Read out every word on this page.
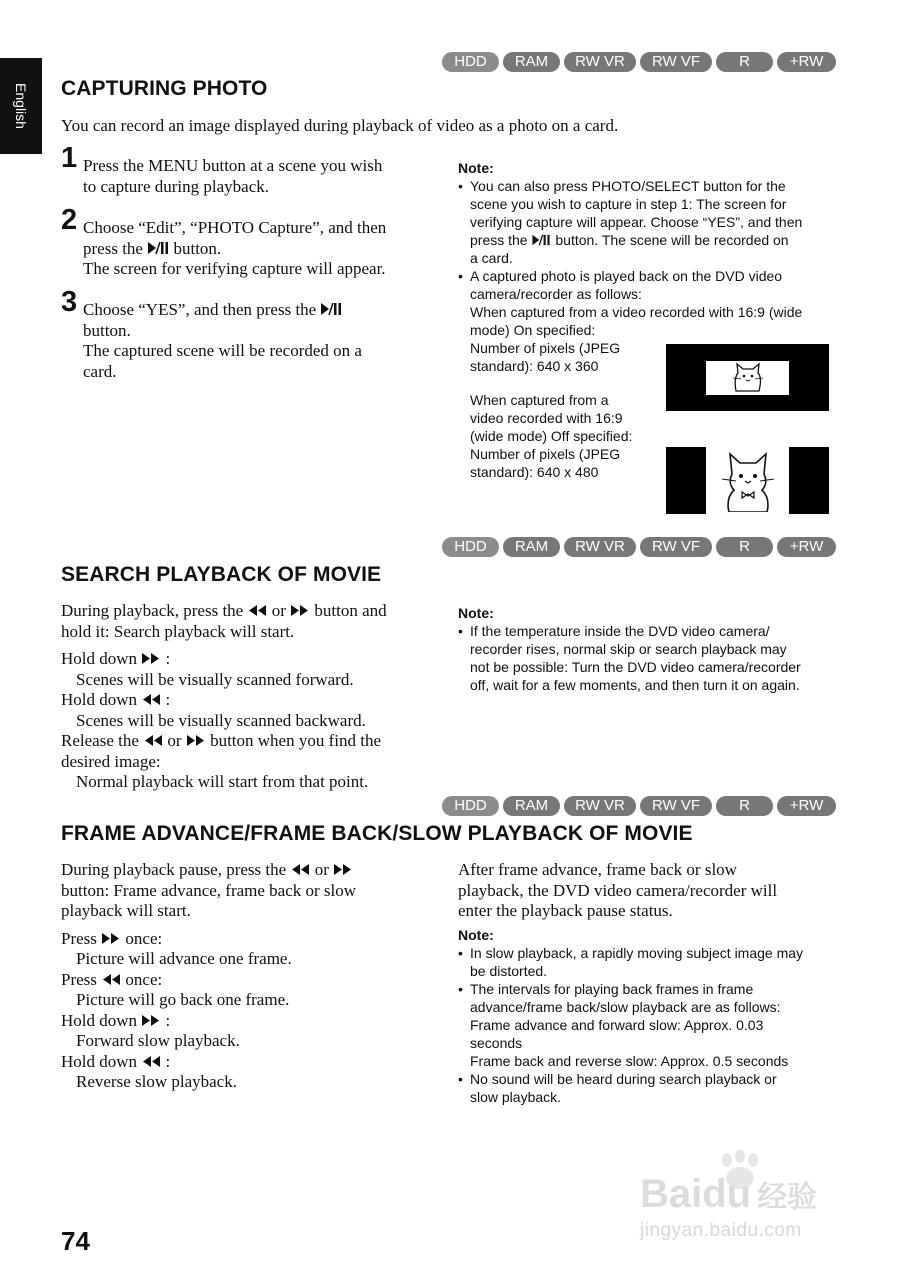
English
HDD	RAM	RW VR	RW VF	R	+RW
CAPTURING PHOTO
You can record an image displayed during playback of video as a photo on a card.
1 Press the MENU button at a scene you wish
to capture during playback.
2 Choose “Edit”, “PHOTO Capture”, and then
press the button.
The screen for verifying capture will appear.
3 Choose “YES”, and then press the
button.
The captured scene will be recorded on a
card.
Note:
• You can also press PHOTO/SELECT button for the
scene you wish to capture in step 1: The screen for
verifying capture will appear. Choose “YES”, and then
press the button. The scene will be recorded on
a card.
• A captured photo is played back on the DVD video
camera/recorder as follows:
When captured from a video recorded with 16:9 (wide
mode) On specified:
Number of pixels (JPEG
standard): 640 x 360
When captured from a
video recorded with 16:9
(wide mode) Off specified:
Number of pixels (JPEG
standard): 640 x 480
HDD	RAM	RW VR	RW VF	R	+RW
SEARCH PLAYBACK OF MOVIE
During playback, press the or button and
hold it: Search playback will start.
Hold down  :
Scenes will be visually scanned forward.
Hold down  :
Scenes will be visually scanned backward.
Release the or button when you find the
desired image:
Normal playback will start from that point.
Note:
• If the temperature inside the DVD video camera/
recorder rises, normal skip or search playback may
not be possible: Turn the DVD video camera/recorder
off, wait for a few moments, and then turn it on again.
HDD	RAM	RW VR	RW VF	R	+RW
FRAME ADVANCE/FRAME BACK/SLOW PLAYBACK OF MOVIE
During playback pause, press the or
button: Frame advance, frame back or slow
playback will start.
Press once:
Picture will advance one frame.
Press once:
Picture will go back one frame.
Hold down  :
Forward slow playback.
Hold down  :
Reverse slow playback.
After frame advance, frame back or slow
playback, the DVD video camera/recorder will
enter the playback pause status.
Note:
• In slow playback, a rapidly moving subject image may
be distorted.
• The intervals for playing back frames in frame
advance/frame back/slow playback are as follows:
Frame advance and forward slow: Approx. 0.03
seconds
Frame back and reverse slow: Approx. 0.5 seconds
• No sound will be heard during search playback or
slow playback.
74
Baidu 经验
jingyan.baidu.com
